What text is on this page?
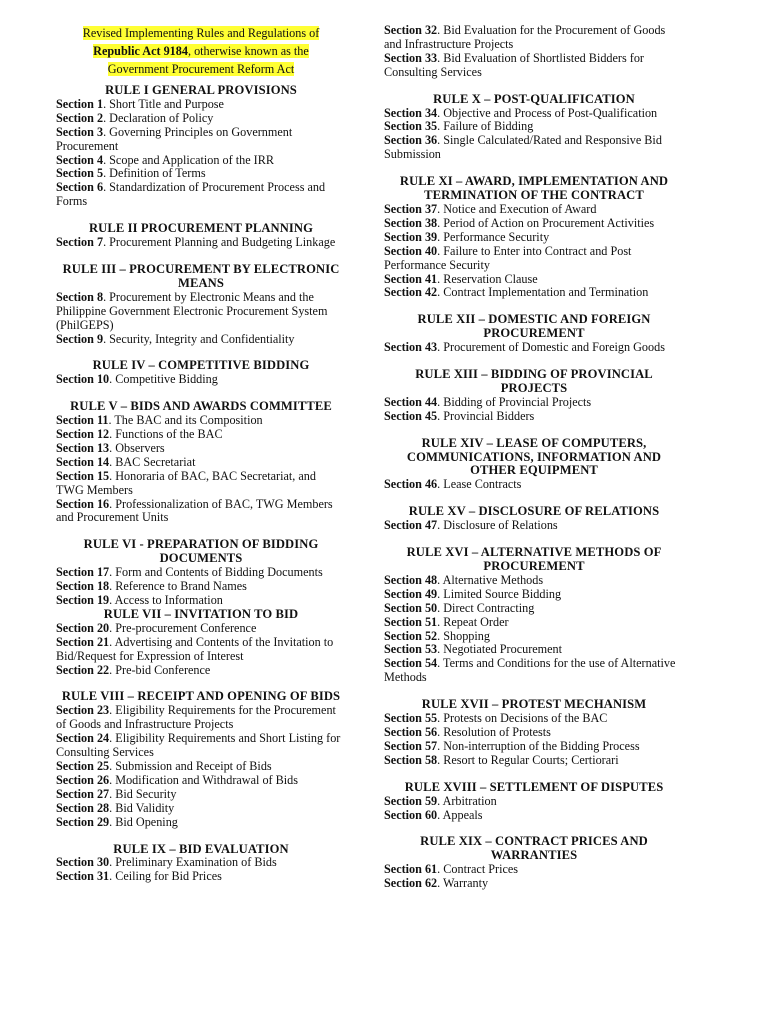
Revised Implementing Rules and Regulations of
Republic Act 9184, otherwise known as the
Government Procurement Reform Act
RULE I GENERAL PROVISIONS
Section 1. Short Title and Purpose
Section 2. Declaration of Policy
Section 3. Governing Principles on Government Procurement
Section 4. Scope and Application of the IRR
Section 5. Definition of Terms
Section 6. Standardization of Procurement Process and Forms
RULE II PROCUREMENT PLANNING
Section 7. Procurement Planning and Budgeting Linkage
RULE III – PROCUREMENT BY ELECTRONIC MEANS
Section 8. Procurement by Electronic Means and the Philippine Government Electronic Procurement System (PhilGEPS)
Section 9. Security, Integrity and Confidentiality
RULE IV – COMPETITIVE BIDDING
Section 10. Competitive Bidding
RULE V – BIDS AND AWARDS COMMITTEE
Section 11. The BAC and its Composition
Section 12. Functions of the BAC
Section 13. Observers
Section 14. BAC Secretariat
Section 15. Honoraria of BAC, BAC Secretariat, and TWG Members
Section 16. Professionalization of BAC, TWG Members and Procurement Units
RULE VI - PREPARATION OF BIDDING DOCUMENTS
Section 17. Form and Contents of Bidding Documents
Section 18. Reference to Brand Names
Section 19. Access to Information
RULE VII – INVITATION TO BID
Section 20. Pre-procurement Conference
Section 21. Advertising and Contents of the Invitation to Bid/Request for Expression of Interest
Section 22. Pre-bid Conference
RULE VIII – RECEIPT AND OPENING OF BIDS
Section 23. Eligibility Requirements for the Procurement of Goods and Infrastructure Projects
Section 24. Eligibility Requirements and Short Listing for Consulting Services
Section 25. Submission and Receipt of Bids
Section 26. Modification and Withdrawal of Bids
Section 27. Bid Security
Section 28. Bid Validity
Section 29. Bid Opening
RULE IX – BID EVALUATION
Section 30. Preliminary Examination of Bids
Section 31. Ceiling for Bid Prices
Section 32. Bid Evaluation for the Procurement of Goods and Infrastructure Projects
Section 33. Bid Evaluation of Shortlisted Bidders for Consulting Services
RULE X – POST-QUALIFICATION
Section 34. Objective and Process of Post-Qualification
Section 35. Failure of Bidding
Section 36. Single Calculated/Rated and Responsive Bid Submission
RULE XI – AWARD, IMPLEMENTATION AND TERMINATION OF THE CONTRACT
Section 37. Notice and Execution of Award
Section 38. Period of Action on Procurement Activities
Section 39. Performance Security
Section 40. Failure to Enter into Contract and Post Performance Security
Section 41. Reservation Clause
Section 42. Contract Implementation and Termination
RULE XII – DOMESTIC AND FOREIGN PROCUREMENT
Section 43. Procurement of Domestic and Foreign Goods
RULE XIII – BIDDING OF PROVINCIAL PROJECTS
Section 44. Bidding of Provincial Projects
Section 45. Provincial Bidders
RULE XIV – LEASE OF COMPUTERS, COMMUNICATIONS, INFORMATION AND OTHER EQUIPMENT
Section 46. Lease Contracts
RULE XV – DISCLOSURE OF RELATIONS
Section 47. Disclosure of Relations
RULE XVI – ALTERNATIVE METHODS OF PROCUREMENT
Section 48. Alternative Methods
Section 49. Limited Source Bidding
Section 50. Direct Contracting
Section 51. Repeat Order
Section 52. Shopping
Section 53. Negotiated Procurement
Section 54. Terms and Conditions for the use of Alternative Methods
RULE XVII – PROTEST MECHANISM
Section 55. Protests on Decisions of the BAC
Section 56. Resolution of Protests
Section 57. Non-interruption of the Bidding Process
Section 58. Resort to Regular Courts; Certiorari
RULE XVIII – SETTLEMENT OF DISPUTES
Section 59. Arbitration
Section 60. Appeals
RULE XIX – CONTRACT PRICES AND WARRANTIES
Section 61. Contract Prices
Section 62. Warranty
